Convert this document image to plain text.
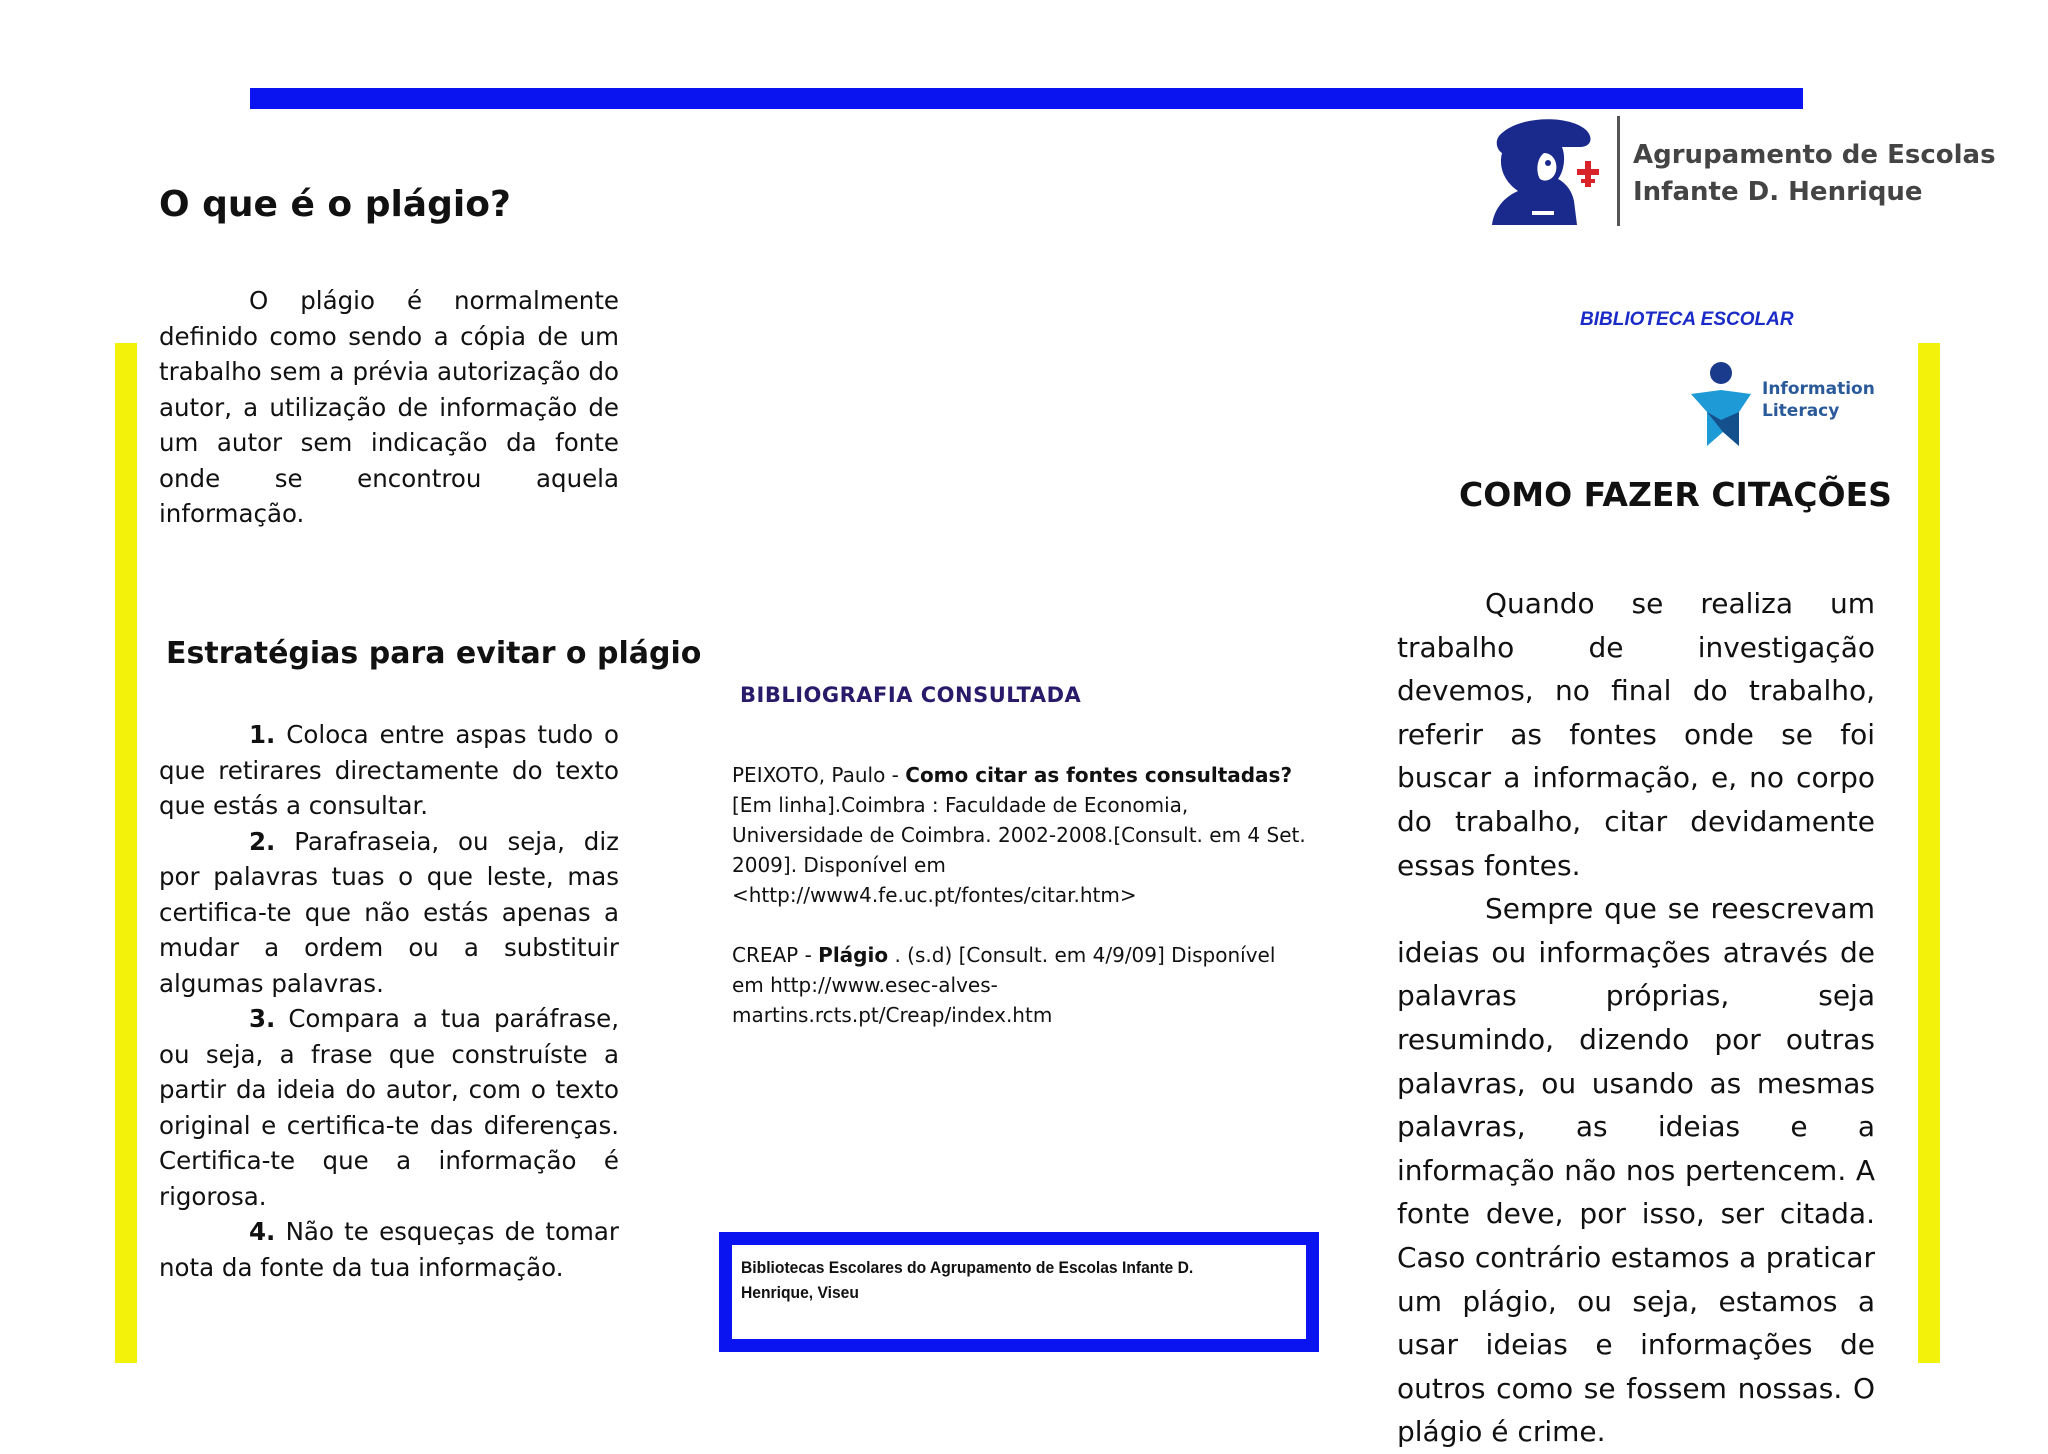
O que é o plágio?
O plágio é normalmente definido como sendo a cópia de um trabalho sem a prévia autorização do autor, a utilização de informação de um autor sem indicação da fonte onde se encontrou aquela informação.
Estratégias para evitar o plágio
1. Coloca entre aspas tudo o que retirares directamente do texto que estás a consultar.
2. Parafraseia, ou seja, diz por palavras tuas o que leste, mas certifica-te que não estás apenas a mudar a ordem ou a substituir algumas palavras.
3. Compara a tua paráfrase, ou seja, a frase que construíste a partir da ideia do autor, com o texto original e certifica-te das diferenças. Certifica-te que a informação é rigorosa.
4. Não te esqueças de tomar nota da fonte da tua informação.
BIBLIOGRAFIA CONSULTADA
PEIXOTO, Paulo - Como citar as fontes consultadas? [Em linha].Coimbra : Faculdade de Economia, Universidade de Coimbra. 2002-2008.[Consult. em 4 Set. 2009]. Disponível em <http://www4.fe.uc.pt/fontes/citar.htm>
CREAP - Plágio . (s.d) [Consult. em 4/9/09] Disponível em http://www.esec-alves-martins.rcts.pt/Creap/index.htm
Bibliotecas Escolares do Agrupamento de Escolas Infante D. Henrique, Viseu
Agrupamento de Escolas
Infante D. Henrique
BIBLIOTECA ESCOLAR
Information
Literacy
COMO FAZER CITAÇÕES
Quando se realiza um trabalho de investigação devemos, no final do trabalho, referir as fontes onde se foi buscar a informação, e, no corpo do trabalho, citar devidamente essas fontes.
Sempre que se reescrevam ideias ou informações através de palavras próprias, seja resumindo, dizendo por outras palavras, ou usando as mesmas palavras, as ideias e a informação não nos pertencem. A fonte deve, por isso, ser citada. Caso contrário estamos a praticar um plágio, ou seja, estamos a usar ideias e informações de outros como se fossem nossas. O plágio é crime.
